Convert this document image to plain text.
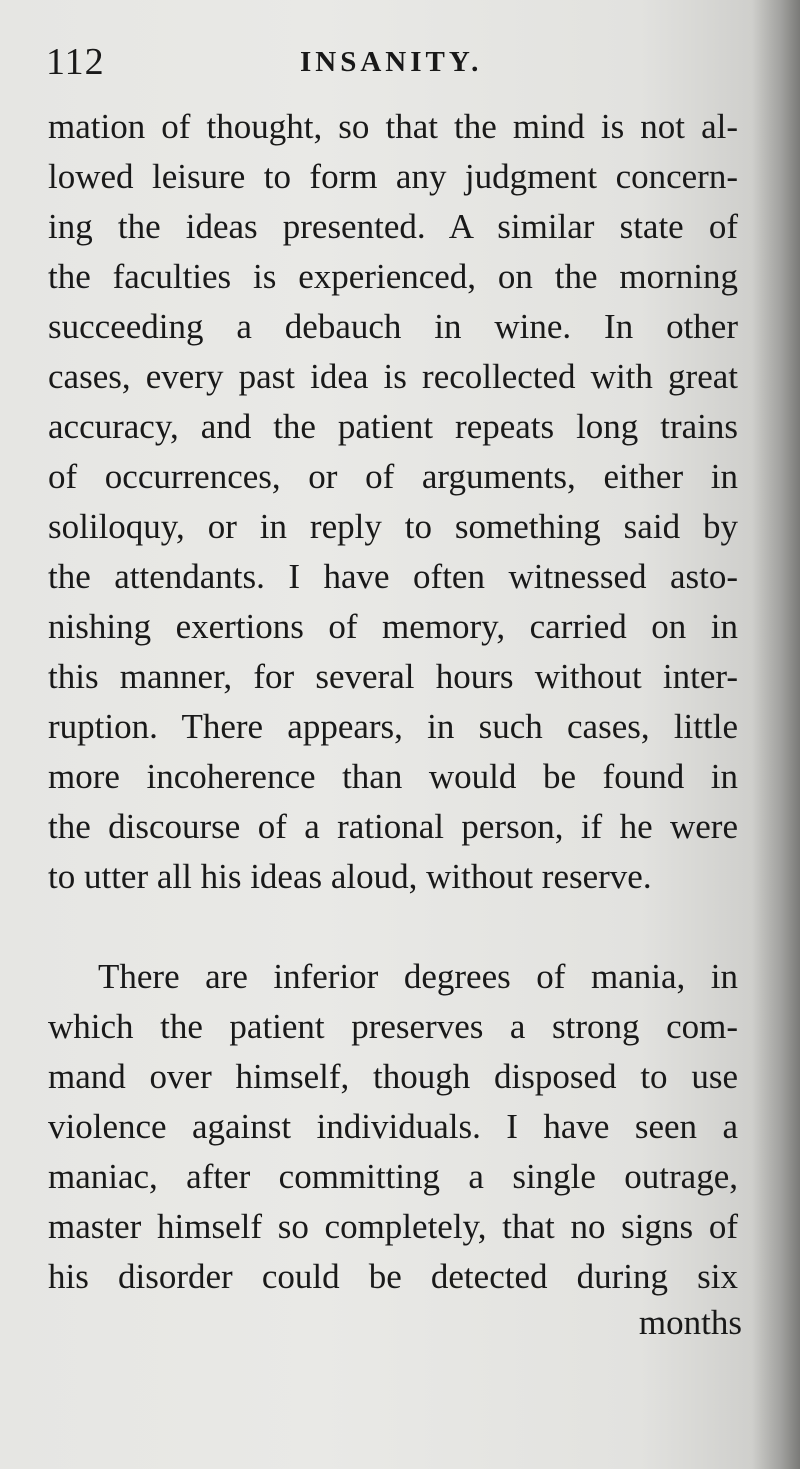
112	INSANITY.
mation of thought, so that the mind is not al-
lowed leisure to form any judgment concern-
ing the ideas presented. A similar state of
the faculties is experienced, on the morning
succeeding a debauch in wine. In other
cases, every past idea is recollected with great
accuracy, and the patient repeats long trains
of occurrences, or of arguments, either in
soliloquy, or in reply to something said by
the attendants. I have often witnessed asto-
nishing exertions of memory, carried on in
this manner, for several hours without inter-
ruption. There appears, in such cases, little
more incoherence than would be found in
the discourse of a rational person, if he were
to utter all his ideas aloud, without reserve.
There are inferior degrees of mania, in
which the patient preserves a strong com-
mand over himself, though disposed to use
violence against individuals. I have seen a
maniac, after committing a single outrage,
master himself so completely, that no signs of
his disorder could be detected during six
months
